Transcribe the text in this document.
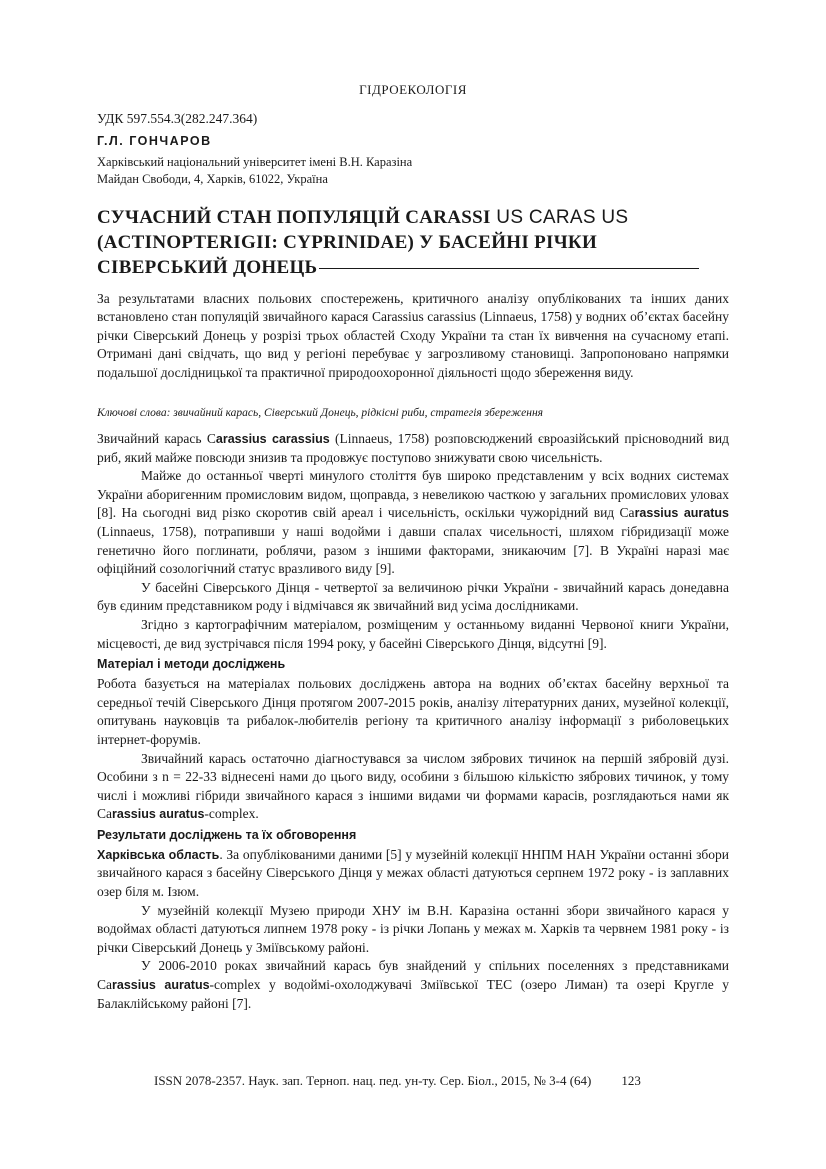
ГІДРОЕКОЛОГІЯ
УДК 597.554.3(282.247.364)
Г.Л. ГОНЧАРОВ
Харківський національний університет імені В.Н. Каразіна
Майдан Свободи, 4, Харків, 61022, Україна
СУЧАСНИЙ СТАН ПОПУЛЯЦІЙ CARASSI US CARAS US
(ACTINOPTERIGII: CYPRINIDAE) У БАСЕЙНІ РІЧКИ
СІВЕРСЬКИЙ ДОНЕЦЬ
За результатами власних польових спостережень, критичного аналізу опублікованих та інших даних встановлено стан популяцій звичайного карася Carassius carassius (Linnaeus, 1758) у водних об’єктах басейну річки Сіверський Донець у розрізі трьох областей Сходу України та стан їх вивчення на сучасному етапі. Отримані дані свідчать, що вид у регіоні перебуває у загрозливому становищі. Запропоновано напрямки подальшої дослідницької та практичної природоохоронної діяльності щодо збереження виду.
Ключові слова: звичайний карась, Сіверський Донець, рідкісні риби, стратегія збереження

Звичайний карась Carassius carassius (Linnaeus, 1758) розповсюджений євроазійський прісноводний вид риб, який майже повсюди знизив та продовжує поступово знижувати свою чисельність.

Майже до останньої чверті минулого століття був широко представленим у всіх водних системах України аборигенним промисловим видом, щоправда, з невеликою часткою у загальних промислових уловах [8]. На сьогодні вид різко скоротив свій ареал і чисельність, оскільки чужорідний вид Carassius auratus (Linnaeus, 1758), потрапивши у наші водойми і давши спалах чисельності, шляхом гібридизації може генетично його поглинати, роблячи, разом з іншими факторами, зникаючим [7]. В Україні наразі має офіційний созологічний статус вразливого виду [9].

У басейні Сіверського Дінця - четвертої за величиною річки України - звичайний карась донедавна був єдиним представником роду і відмічався як звичайний вид усіма дослідниками.

Згідно з картографічним матеріалом, розміщеним у останньому виданні Червоної книги України, місцевості, де вид зустрічався після 1994 року, у басейні Сіверського Дінця, відсутні [9].

Матеріал і методи досліджень

Робота базується на матеріалах польових досліджень автора на водних об’єктах басейну верхньої та середньої течій Сіверського Дінця протягом 2007-2015 років, аналізу літературних даних, музейної колекції, опитувань науковців та рибалок-любителів регіону та критичного аналізу інформації з риболовецьких інтернет-форумів.

Звичайний карась остаточно діагностувався за числом зябрових тичинок на першій зябровій дузі. Особини з n = 22-33 віднесені нами до цього виду, особини з більшою кількістю зябрових тичинок, у тому числі і можливі гібриди звичайного карася з іншими видами чи формами карасів, розглядаються нами як Carassius auratus-complex.

Результати досліджень та їх обговорення

Харківська область. За опублікованими даними [5] у музейній колекції ННПМ НАН України останні збори звичайного карася з басейну Сіверського Дінця у межах області датуються серпнем 1972 року - із заплавних озер біля м. Ізюм.

У музейній колекції Музею природи ХНУ ім В.Н. Каразіна останні збори звичайного карася у водоймах області датуються липнем 1978 року - із річки Лопань у межах м. Харків та червнем 1981 року - із річки Сіверський Донець у Зміївському районі.

У 2006-2010 роках звичайний карась був знайдений у спільних поселеннях з представниками Carassius auratus-complex у водоймі-охолоджувачі Зміївської ТЕС (озеро Лиман) та озері Кругле у Балаклійському районі [7].

ISSN 2078-2357. Наук. зап. Терноп. нац. пед. ун-ту. Сер. Біол., 2015, № 3-4 (64) 123
